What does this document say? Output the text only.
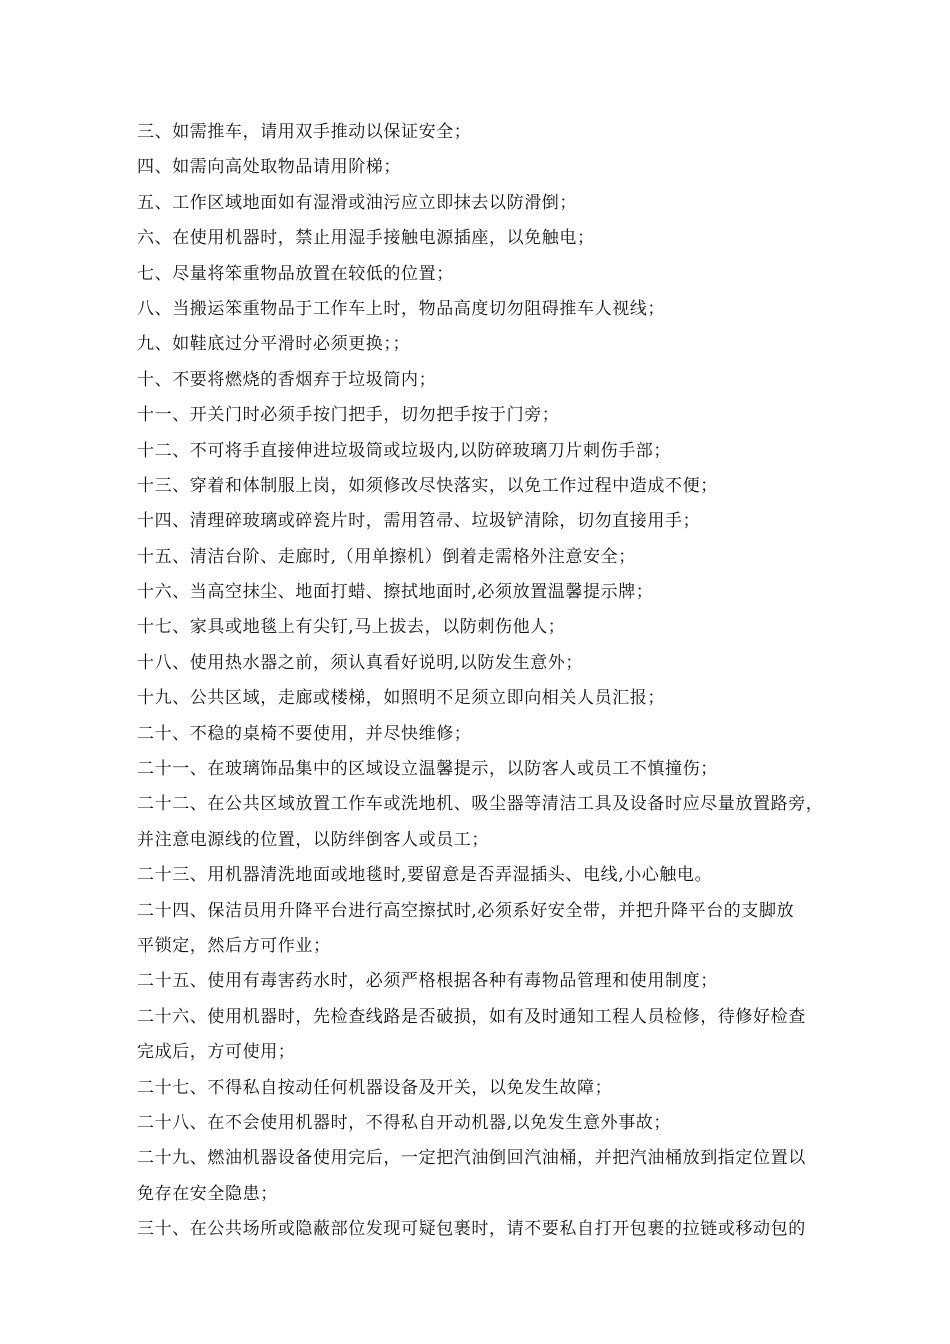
三、如需推车，请用双手推动以保证安全；
四、如需向高处取物品请用阶梯；
五、工作区域地面如有湿滑或油污应立即抹去以防滑倒；
六、在使用机器时，禁止用湿手接触电源插座，以免触电；
七、尽量将笨重物品放置在较低的位置；
八、当搬运笨重物品于工作车上时，物品高度切勿阻碍推车人视线；
九、如鞋底过分平滑时必须更换；；
十、不要将燃烧的香烟弃于垃圾筒内；
十一、开关门时必须手按门把手，切勿把手按于门旁；
十二、不可将手直接伸进垃圾筒或垃圾内,以防碎玻璃刀片刺伤手部；
十三、穿着和体制服上岗，如须修改尽快落实，以免工作过程中造成不便；
十四、清理碎玻璃或碎瓷片时，需用笤帚、垃圾铲清除，切勿直接用手；
十五、清洁台阶、走廊时,（用单擦机）倒着走需格外注意安全；
十六、当高空抹尘、地面打蜡、擦拭地面时,必须放置温馨提示牌；
十七、家具或地毯上有尖钉,马上拔去，以防刺伤他人；
十八、使用热水器之前，须认真看好说明,以防发生意外；
十九、公共区域，走廊或楼梯，如照明不足须立即向相关人员汇报；
二十、不稳的桌椅不要使用，并尽快维修；
二十一、在玻璃饰品集中的区域设立温馨提示，以防客人或员工不慎撞伤；
二十二、在公共区域放置工作车或洗地机、吸尘器等清洁工具及设备时应尽量放置路旁，
并注意电源线的位置，以防绊倒客人或员工；
二十三、用机器清洗地面或地毯时,要留意是否弄湿插头、电线,小心触电。
二十四、保洁员用升降平台进行高空擦拭时,必须系好安全带，并把升降平台的支脚放
平锁定，然后方可作业；
二十五、使用有毒害药水时，必须严格根据各种有毒物品管理和使用制度；
二十六、使用机器时，先检查线路是否破损，如有及时通知工程人员检修，待修好检查
完成后，方可使用；
二十七、不得私自按动任何机器设备及开关，以免发生故障；
二十八、在不会使用机器时，不得私自开动机器,以免发生意外事故；
二十九、燃油机器设备使用完后，一定把汽油倒回汽油桶，并把汽油桶放到指定位置以
免存在安全隐患；
三十、在公共场所或隐蔽部位发现可疑包裹时，请不要私自打开包裹的拉链或移动包的
